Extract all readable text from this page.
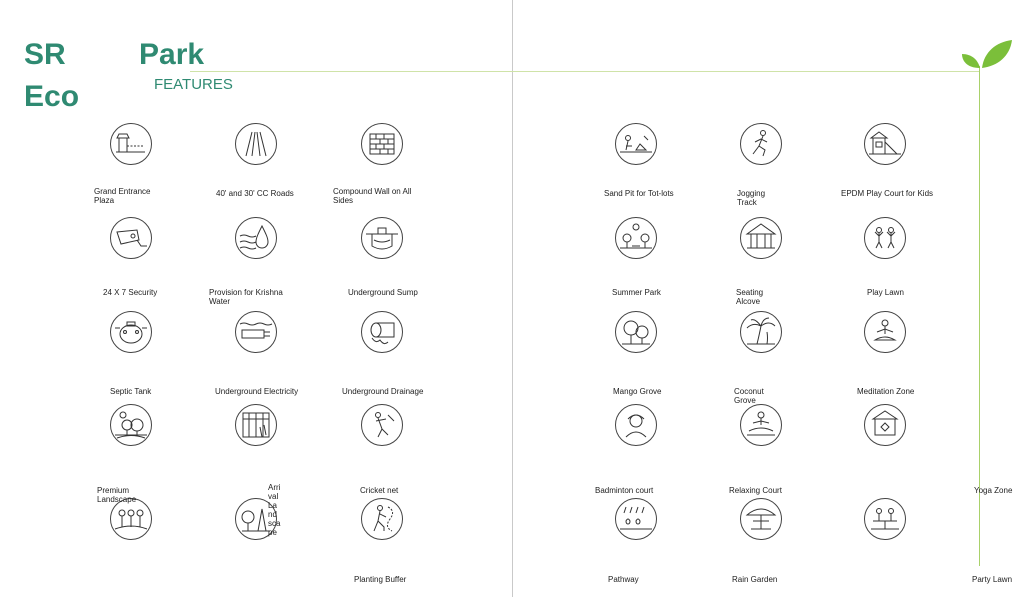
SR
Eco
Park
FEATURES
Grand Entrance
Plaza
40' and 30' CC Roads	Compound Wall on All
Sides
24 X 7 Security	Provision for Krishna
Water
Underground Sump
Septic Tank	Underground Electricity	Underground Drainage
Premium
Landscape
Arri
val
La
nd
sca
pe
Cricket net
Planting Buffer
Sand Pit for Tot-lots	Jogging
Track
EPDM Play Court for Kids
Summer Park	Seating
Alcove
Play Lawn
Mango Grove	Coconut
Grove
Meditation Zone
Badminton court	Relaxing Court	Yoga Zone
Pathway	Rain Garden	Party Lawn
